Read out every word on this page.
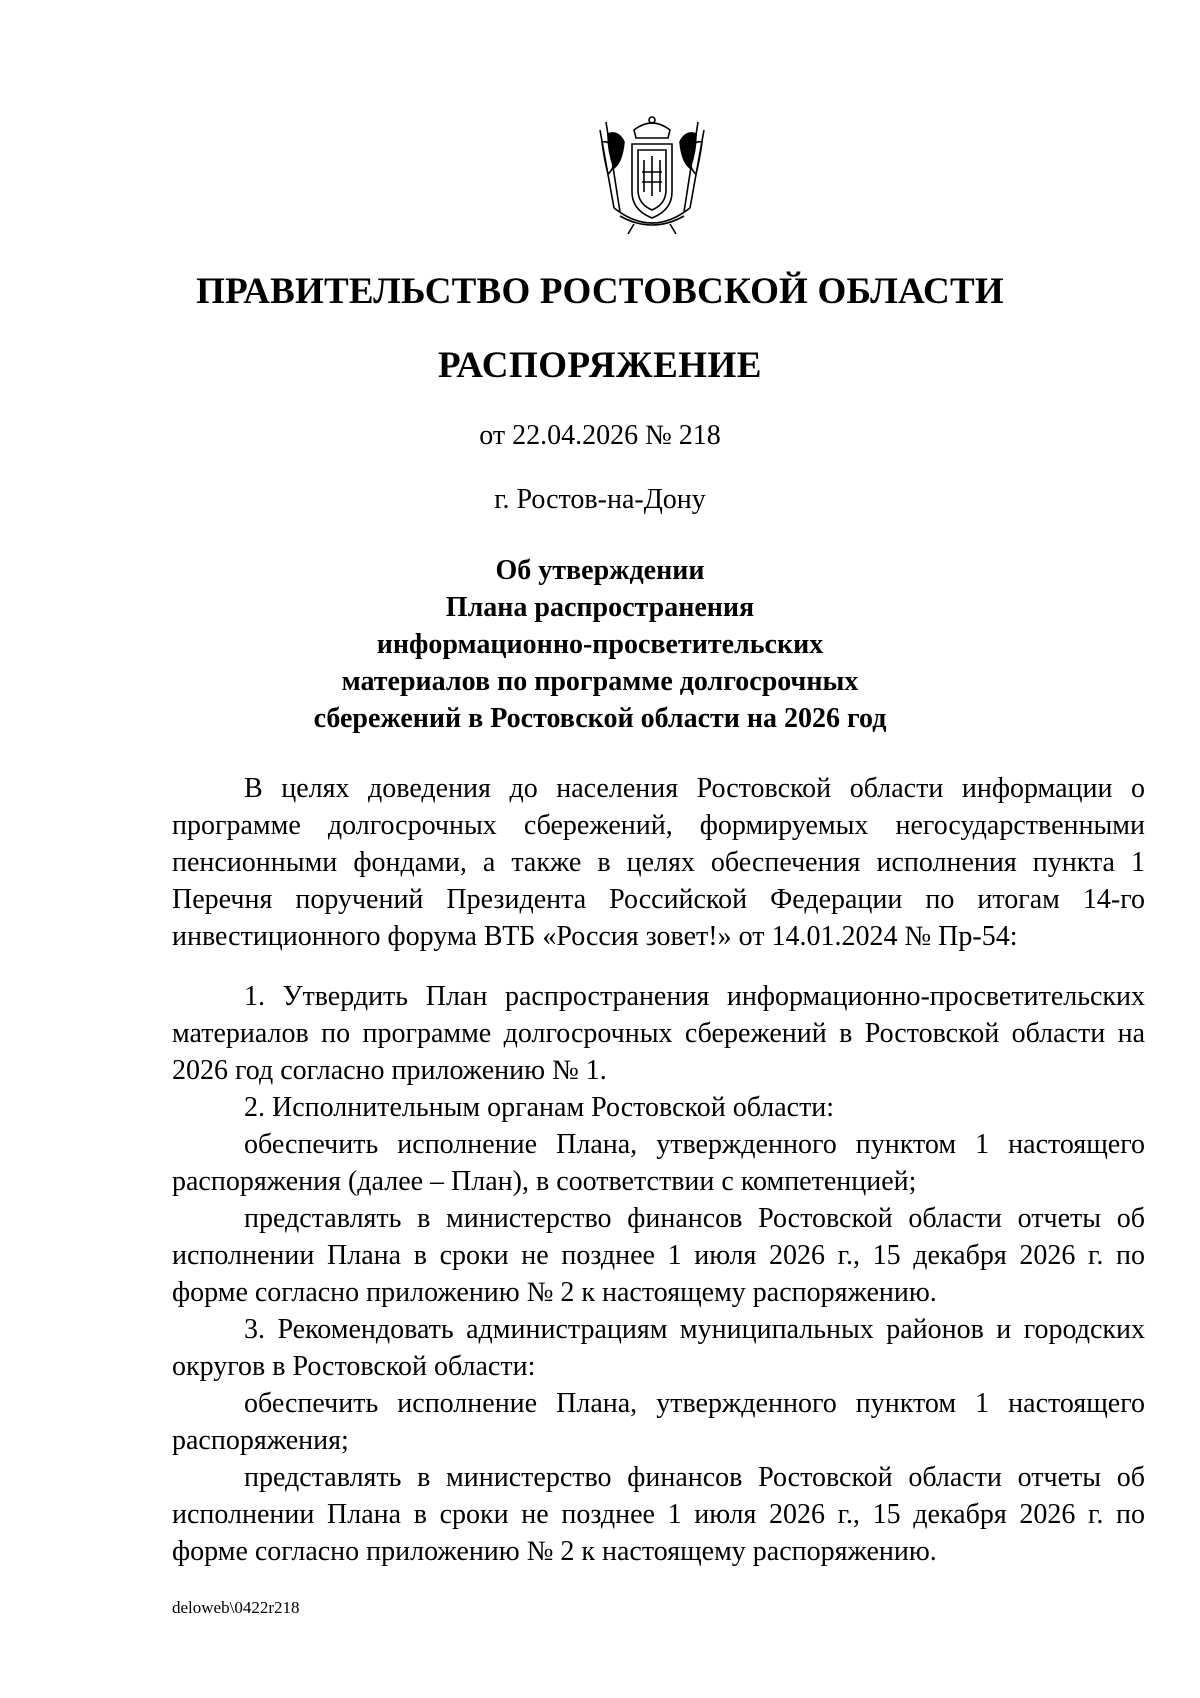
ПРАВИТЕЛЬСТВО РОСТОВСКОЙ ОБЛАСТИ
РАСПОРЯЖЕНИЕ
от 22.04.2026 № 218
г. Ростов-на-Дону
Об утверждении
Плана распространения
информационно-просветительских
материалов по программе долгосрочных
сбережений в Ростовской области на 2026 год

В целях доведения до населения Ростовской области информации о программе долгосрочных сбережений, формируемых негосударственными пенсионными фондами, а также в целях обеспечения исполнения пункта 1 Перечня поручений Президента Российской Федерации по итогам 14-го инвестиционного форума ВТБ «Россия зовет!» от 14.01.2024 № Пр-54:

1. Утвердить План распространения информационно-просветительских материалов по программе долгосрочных сбережений в Ростовской области на 2026 год согласно приложению № 1.

2. Исполнительным органам Ростовской области:

обеспечить исполнение Плана, утвержденного пунктом 1 настоящего распоряжения (далее – План), в соответствии с компетенцией;

представлять в министерство финансов Ростовской области отчеты об исполнении Плана в сроки не позднее 1 июля 2026 г., 15 декабря 2026 г. по форме согласно приложению № 2 к настоящему распоряжению.

3. Рекомендовать администрациям муниципальных районов и городских округов в Ростовской области:

обеспечить исполнение Плана, утвержденного пунктом 1 настоящего распоряжения;

представлять в министерство финансов Ростовской области отчеты об исполнении Плана в сроки не позднее 1 июля 2026 г., 15 декабря 2026 г. по форме согласно приложению № 2 к настоящему распоряжению.

deloweb\0422r218
